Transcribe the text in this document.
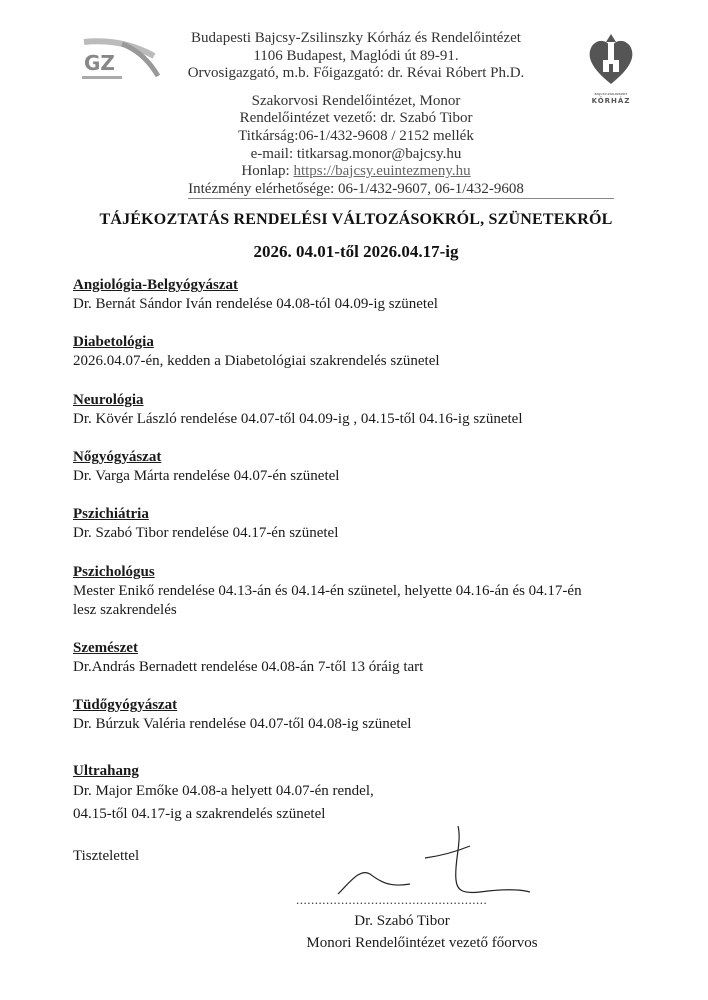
GZ
BAJCSY-ZSILINSZKY
KÓRHÁZ
Budapesti Bajcsy-Zsilinszky Kórház és Rendelőintézet
1106 Budapest, Maglódi út 89-91.
Orvosigazgató, m.b. Főigazgató: dr. Révai Róbert Ph.D.
Szakorvosi Rendelőintézet, Monor
Rendelőintézet vezető: dr. Szabó Tibor
Titkárság:06-1/432-9608 / 2152 mellék
e-mail: titkarsag.monor@bajcsy.hu
Honlap: https://bajcsy.euintezmeny.hu
Intézmény elérhetősége: 06-1/432-9607, 06-1/432-9608
TÁJÉKOZTATÁS RENDELÉSI VÁLTOZÁSOKRÓL, SZÜNETEKRŐL
2026. 04.01-től 2026.04.17-ig
Angiológia-Belgyógyászat
Dr. Bernát Sándor Iván rendelése 04.08-tól 04.09-ig szünetel
Diabetológia
2026.04.07-én, kedden a Diabetológiai szakrendelés szünetel
Neurológia
Dr. Kövér László rendelése 04.07-től 04.09-ig , 04.15-től 04.16-ig szünetel
Nőgyógyászat
Dr. Varga Márta rendelése 04.07-én szünetel
Pszichiátria
Dr. Szabó Tibor rendelése 04.17-én szünetel
Pszichológus
Mester Enikő rendelése 04.13-án és 04.14-én szünetel, helyette 04.16-án és 04.17-én
lesz szakrendelés
Szemészet
Dr.András Bernadett rendelése 04.08-án 7-től 13 óráig tart
Tüdőgyógyászat
Dr. Búrzuk Valéria rendelése 04.07-től 04.08-ig szünetel
Ultrahang
Dr. Major Emőke 04.08-a helyett 04.07-én rendel,
04.15-től 04.17-ig a szakrendelés szünetel
Tisztelettel
...................................................
Dr. Szabó Tibor
Monori Rendelőintézet vezető főorvos
